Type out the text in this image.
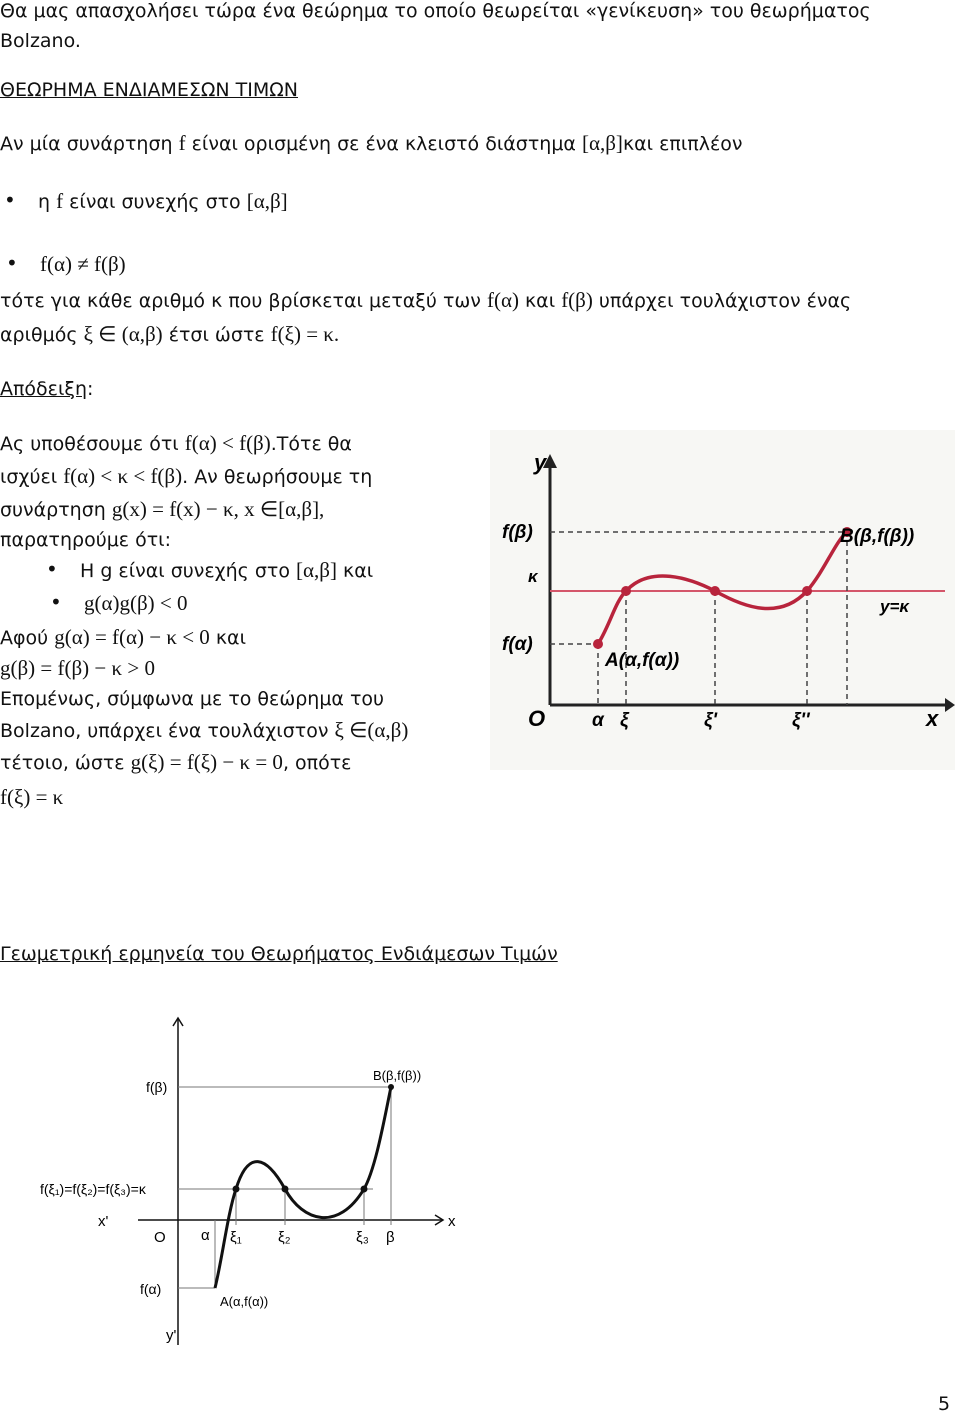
Θα μας απασχολήσει τώρα ένα θεώρημα το οποίο θεωρείται «γενίκευση» του θεωρήματος
Bolzano.
ΘΕΩΡΗΜΑ ΕΝΔΙΑΜΕΣΩΝ ΤΙΜΩΝ
Αν μία συνάρτηση f είναι ορισμένη σε ένα κλειστό διάστημα [α,β]και επιπλέον
• η f είναι συνεχής στο [α,β]
• f(α) ≠ f(β)
τότε για κάθε αριθμό κ που βρίσκεται μεταξύ των f(α) και f(β) υπάρχει τουλάχιστον ένας
αριθμός ξ ∈ (α,β) έτσι ώστε f(ξ) = κ.
Απόδειξη:
Ας υποθέσουμε ότι f(α) < f(β).Τότε θα
ισχύει f(α) < κ < f(β). Αν θεωρήσουμε τη
συνάρτηση g(x) = f(x) − κ, x ∈[α,β],
παρατηρούμε ότι:
• Η g είναι συνεχής στο [α,β] και
• g(α)g(β) < 0
Αφού g(α) = f(α) − κ < 0 και
g(β) = f(β) − κ > 0
Επομένως, σύμφωνα με το θεώρημα του
Bolzano, υπάρχει ένα τουλάχιστον ξ ∈(α,β)
τέτοιο, ώστε g(ξ) = f(ξ) − κ = 0, οπότε
f(ξ) = κ
y
x
O
f(β)
κ
f(α)
B(β,f(β))
A(α,f(α))
y=κ
α ξ	ξ'	ξ''
Γεωμετρική ερμηνεία του Θεωρήματος Ενδιάμεσων Τιμών
f(β)
B(β,f(β))
f(ξ₁)=f(ξ₂)=f(ξ₃)=κ
x'	x
O α ξ₁ ξ₂	ξ₃ β
f(α)
A(α,f(α))
y'
5
